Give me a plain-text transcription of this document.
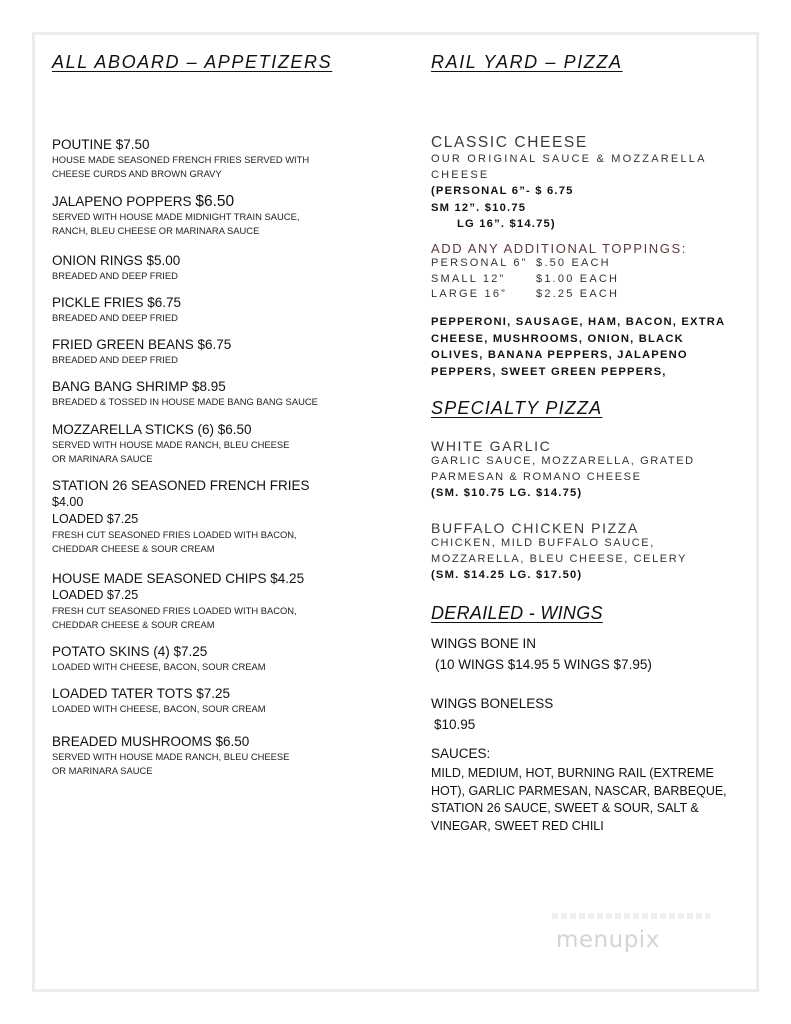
ALL ABOARD – APPETIZERS
POUTINE $7.50
HOUSE MADE SEASONED FRENCH FRIES SERVED WITH
CHEESE CURDS AND BROWN GRAVY
JALAPENO POPPERS $6.50
SERVED WITH HOUSE MADE MIDNIGHT TRAIN SAUCE,
RANCH, BLEU CHEESE OR MARINARA SAUCE
ONION RINGS $5.00
BREADED AND DEEP FRIED
PICKLE FRIES $6.75
BREADED AND DEEP FRIED
FRIED GREEN BEANS $6.75
BREADED AND DEEP FRIED
BANG BANG SHRIMP $8.95
BREADED & TOSSED IN HOUSE MADE BANG BANG SAUCE
MOZZARELLA STICKS (6) $6.50
SERVED WITH HOUSE MADE RANCH, BLEU CHEESE
OR MARINARA SAUCE
STATION 26 SEASONED FRENCH FRIES
$4.00
LOADED $7.25
FRESH CUT SEASONED FRIES LOADED WITH BACON,
CHEDDAR CHEESE & SOUR CREAM
HOUSE MADE SEASONED CHIPS $4.25
LOADED $7.25
FRESH CUT SEASONED FRIES LOADED WITH BACON,
CHEDDAR CHEESE & SOUR CREAM
POTATO SKINS (4) $7.25
LOADED WITH CHEESE, BACON, SOUR CREAM
LOADED TATER TOTS $7.25
LOADED WITH CHEESE, BACON, SOUR CREAM
BREADED MUSHROOMS $6.50
SERVED WITH HOUSE MADE RANCH, BLEU CHEESE
OR MARINARA SAUCE
RAIL YARD – PIZZA
CLASSIC CHEESE
OUR ORIGINAL SAUCE & MOZZARELLA
CHEESE
(PERSONAL 6”- $ 6.75
SM 12”. $10.75
LG 16”. $14.75)
ADD ANY ADDITIONAL TOPPINGS:
PERSONAL 6” $.50 EACH
SMALL 12”	$1.00 EACH
LARGE 16”	$2.25 EACH
PEPPERONI, SAUSAGE, HAM, BACON, EXTRA
CHEESE, MUSHROOMS, ONION, BLACK
OLIVES, BANANA PEPPERS, JALAPENO
PEPPERS, SWEET GREEN PEPPERS,
SPECIALTY PIZZA
WHITE GARLIC
GARLIC SAUCE, MOZZARELLA, GRATED
PARMESAN & ROMANO CHEESE
(SM. $10.75 LG. $14.75)
BUFFALO CHICKEN PIZZA
CHICKEN, MILD BUFFALO SAUCE,
MOZZARELLA, BLEU CHEESE, CELERY
(SM. $14.25 LG. $17.50)
DERAILED - WINGS
WINGS BONE IN
(10 WINGS $14.95 5 WINGS $7.95)
WINGS BONELESS
$10.95
SAUCES:
MILD, MEDIUM, HOT, BURNING RAIL (EXTREME
HOT), GARLIC PARMESAN, NASCAR, BARBEQUE,
STATION 26 SAUCE, SWEET & SOUR, SALT &
VINEGAR, SWEET RED CHILI
menupix
